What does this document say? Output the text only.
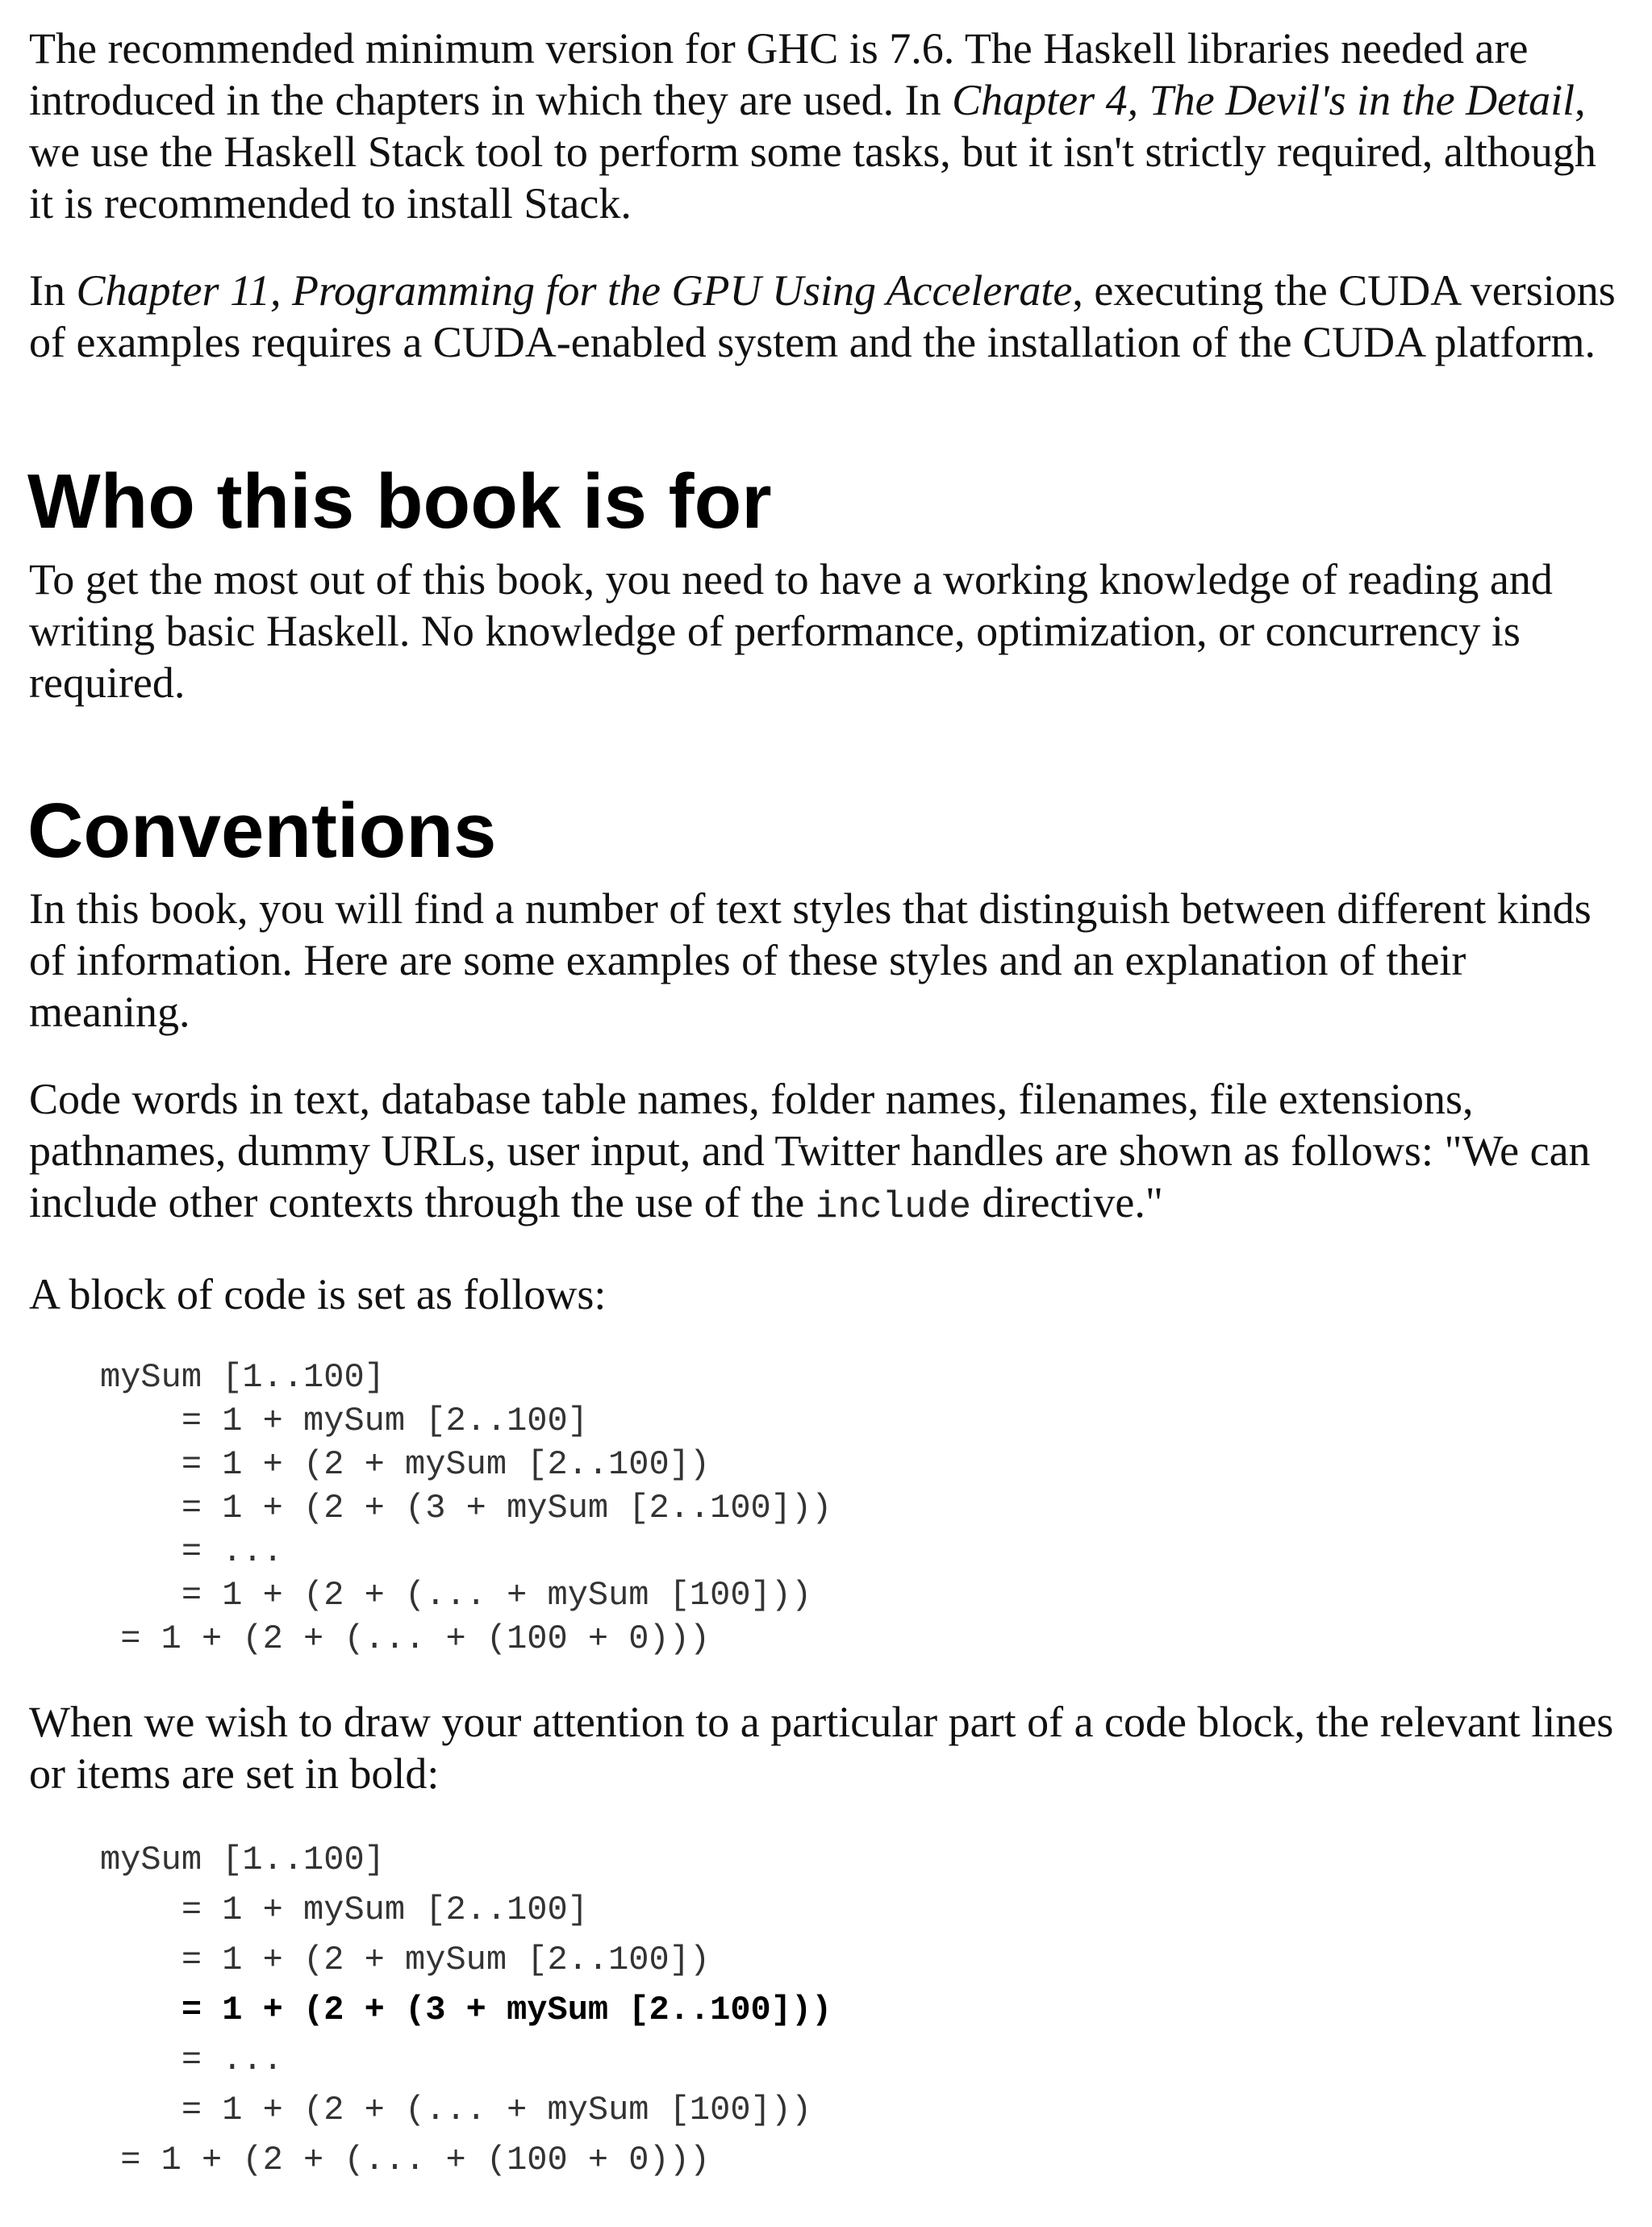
The recommended minimum version for GHC is 7.6. The Haskell libraries needed are introduced in the chapters in which they are used. In Chapter 4, The Devil's in the Detail, we use the Haskell Stack tool to perform some tasks, but it isn't strictly required, although it is recommended to install Stack.

In Chapter 11, Programming for the GPU Using Accelerate, executing the CUDA versions of examples requires a CUDA-enabled system and the installation of the CUDA platform.

Who this book is for

To get the most out of this book, you need to have a working knowledge of reading and writing basic Haskell. No knowledge of performance, optimization, or concurrency is required.

Conventions

In this book, you will find a number of text styles that distinguish between different kinds of information. Here are some examples of these styles and an explanation of their meaning.

Code words in text, database table names, folder names, filenames, file extensions, pathnames, dummy URLs, user input, and Twitter handles are shown as follows: "We can include other contexts through the use of the include directive."

A block of code is set as follows:

mySum [1..100]
= 1 + mySum [2..100]
= 1 + (2 + mySum [2..100])
= 1 + (2 + (3 + mySum [2..100]))
= ...
= 1 + (2 + (... + mySum [100]))
= 1 + (2 + (... + (100 + 0)))

When we wish to draw your attention to a particular part of a code block, the relevant lines or items are set in bold:

mySum [1..100]
= 1 + mySum [2..100]
= 1 + (2 + mySum [2..100])
= 1 + (2 + (3 + mySum [2..100]))
= ...
= 1 + (2 + (... + mySum [100]))
= 1 + (2 + (... + (100 + 0)))
